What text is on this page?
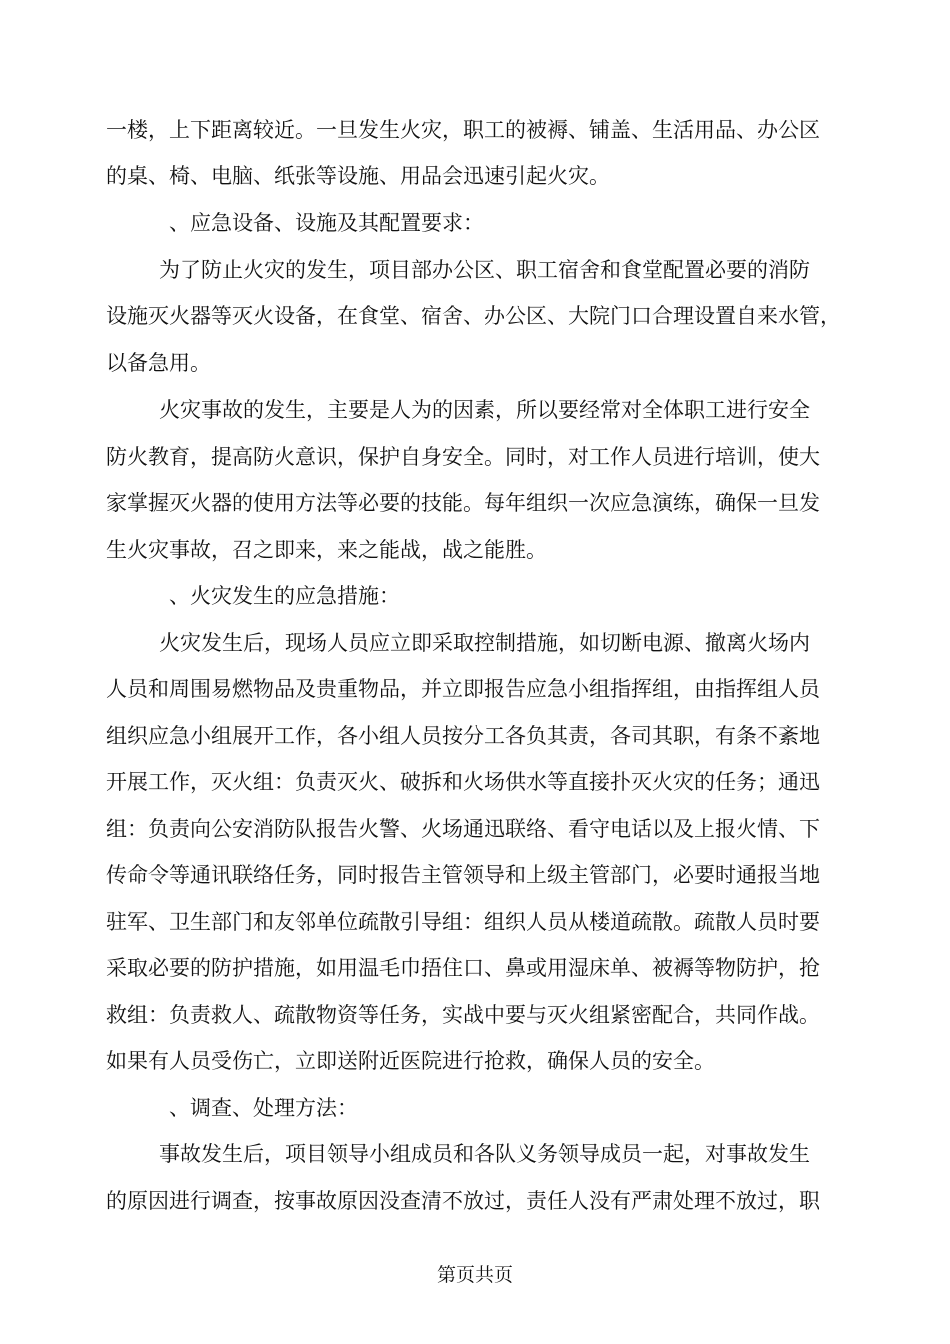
一楼，上下距离较近。一旦发生火灾，职工的被褥、铺盖、生活用品、办公区

的桌、椅、电脑、纸张等设施、用品会迅速引起火灾。

、应急设备、设施及其配置要求：

为了防止火灾的发生，项目部办公区、职工宿舍和食堂配置必要的消防

设施灭火器等灭火设备，在食堂、宿舍、办公区、大院门口合理设置自来水管，

以备急用。

火灾事故的发生，主要是人为的因素，所以要经常对全体职工进行安全

防火教育，提高防火意识，保护自身安全。同时，对工作人员进行培训，使大

家掌握灭火器的使用方法等必要的技能。每年组织一次应急演练，确保一旦发

生火灾事故，召之即来，来之能战，战之能胜。

、火灾发生的应急措施：

火灾发生后，现场人员应立即采取控制措施，如切断电源、撤离火场内

人员和周围易燃物品及贵重物品，并立即报告应急小组指挥组，由指挥组人员

组织应急小组展开工作，各小组人员按分工各负其责，各司其职，有条不紊地

开展工作，灭火组：负责灭火、破拆和火场供水等直接扑灭火灾的任务；通迅

组：负责向公安消防队报告火警、火场通迅联络、看守电话以及上报火情、下

传命令等通讯联络任务，同时报告主管领导和上级主管部门，必要时通报当地

驻军、卫生部门和友邻单位疏散引导组：组织人员从楼道疏散。疏散人员时要

采取必要的防护措施，如用温毛巾捂住口、鼻或用湿床单、被褥等物防护，抢

救组：负责救人、疏散物资等任务，实战中要与灭火组紧密配合，共同作战。

如果有人员受伤亡，立即送附近医院进行抢救，确保人员的安全。

、调查、处理方法：

事故发生后，项目领导小组成员和各队义务领导成员一起，对事故发生

的原因进行调查，按事故原因没查清不放过，责任人没有严肃处理不放过，职

第页共页
